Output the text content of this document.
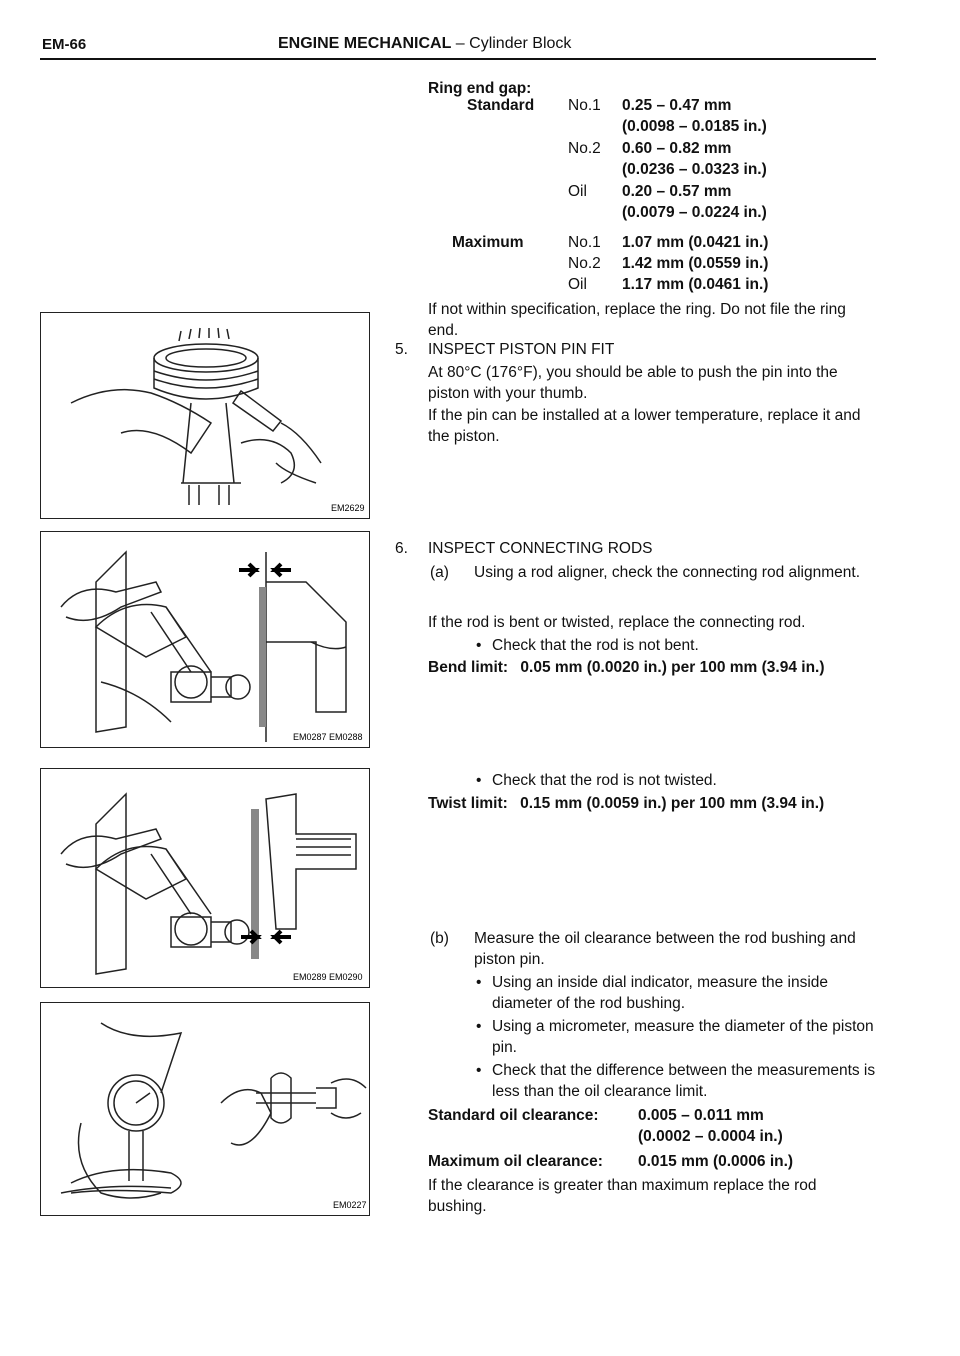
EM-66	ENGINE MECHANICAL – Cylinder Block
Ring end gap:
Standard No.1 0.25 – 0.47 mm
(0.0098 – 0.0185 in.)
No.2 0.60 – 0.82 mm
(0.0236 – 0.0323 in.)
Oil 0.20 – 0.57 mm
(0.0079 – 0.0224 in.)
Maximum	No.1 1.07 mm (0.0421 in.)
No.2 1.42 mm (0.0559 in.)
Oil 1.17 mm (0.0461 in.)
If not within specification, replace the ring. Do not file the ring end.
5. INSPECT PISTON PIN FIT
At 80°C (176°F), you should be able to push the pin into the piston with your thumb.
If the pin can be installed at a lower temperature, replace it and the piston.
6. INSPECT CONNECTING RODS
(a) Using a rod aligner, check the connecting rod alignment.
If the rod is bent or twisted, replace the connecting rod.
• Check that the rod is not bent.
Bend limit: 0.05 mm (0.0020 in.) per 100 mm (3.94 in.)
• Check that the rod is not twisted.
Twist limit: 0.15 mm (0.0059 in.) per 100 mm (3.94 in.)
(b) Measure the oil clearance between the rod bushing and piston pin.
• Using an inside dial indicator, measure the inside diameter of the rod bushing.
• Using a micrometer, measure the diameter of the piston pin.
• Check that the difference between the measurements is less than the oil clearance limit.
Standard oil clearance:	0.005 – 0.011 mm
(0.0002 – 0.0004 in.)
Maximum oil clearance: 0.015 mm (0.0006 in.)
If the clearance is greater than maximum replace the rod bushing.
EM2629
EM0287 EM0288
EM0289 EM0290
EM0227
